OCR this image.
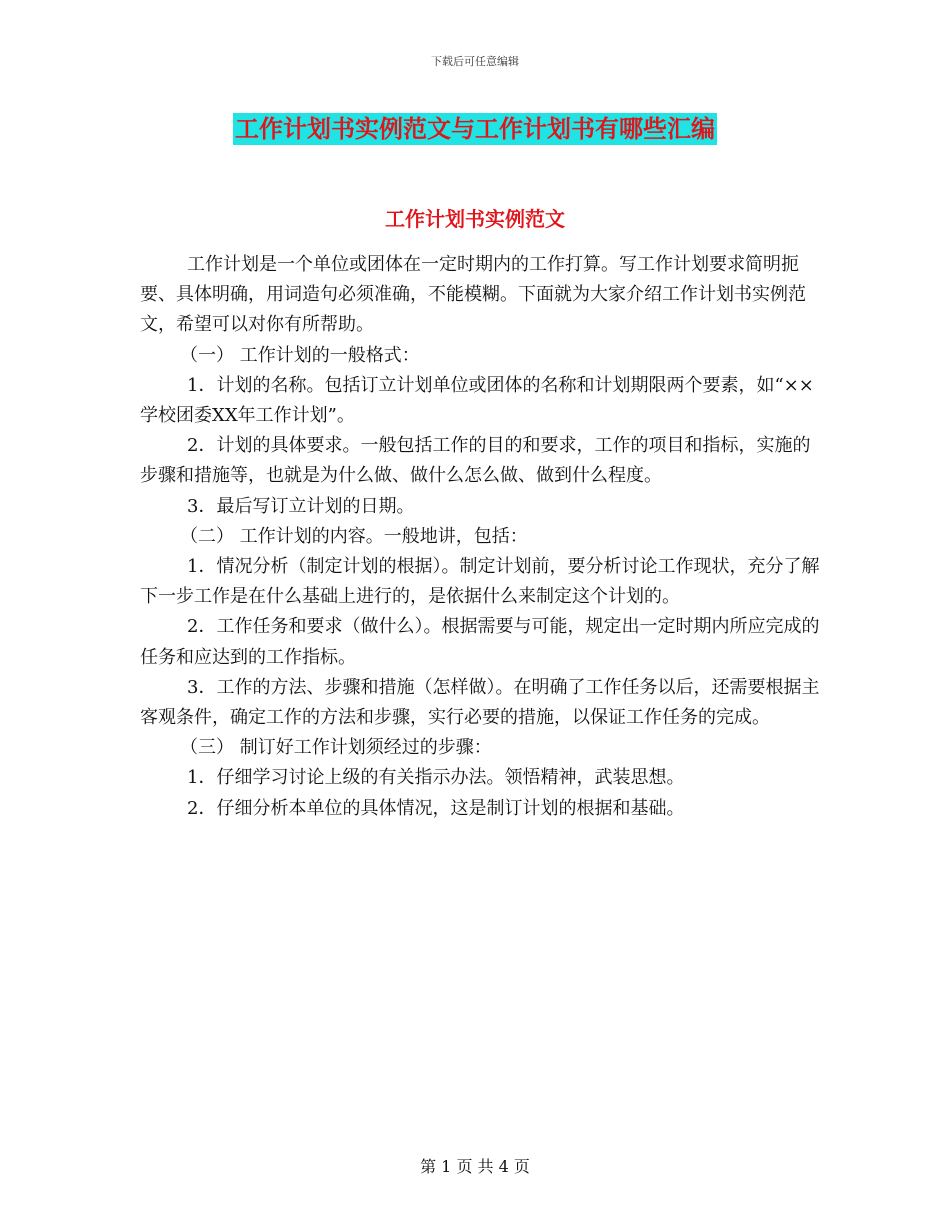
下载后可任意编辑
工作计划书实例范文与工作计划书有哪些汇编
工作计划书实例范文

工作计划是一个单位或团体在一定时期内的工作打算。写工作计划要求简明扼要、具体明确，用词造句必须准确，不能模糊。下面就为大家介绍工作计划书实例范文，希望可以对你有所帮助。

（一） 工作计划的一般格式：

1．计划的名称。包括订立计划单位或团体的名称和计划期限两个要素，如“××学校团委XX年工作计划”。

2．计划的具体要求。一般包括工作的目的和要求，工作的项目和指标，实施的步骤和措施等，也就是为什么做、做什么怎么做、做到什么程度。

3．最后写订立计划的日期。

（二） 工作计划的内容。一般地讲，包括：

1．情况分析（制定计划的根据）。制定计划前，要分析讨论工作现状，充分了解下一步工作是在什么基础上进行的，是依据什么来制定这个计划的。

2．工作任务和要求（做什么）。根据需要与可能，规定出一定时期内所应完成的任务和应达到的工作指标。

3．工作的方法、步骤和措施（怎样做）。在明确了工作任务以后，还需要根据主客观条件，确定工作的方法和步骤，实行必要的措施，以保证工作任务的完成。

（三） 制订好工作计划须经过的步骤：

1．仔细学习讨论上级的有关指示办法。领悟精神，武装思想。

2．仔细分析本单位的具体情况，这是制订计划的根据和基础。

第 1 页 共 4 页
